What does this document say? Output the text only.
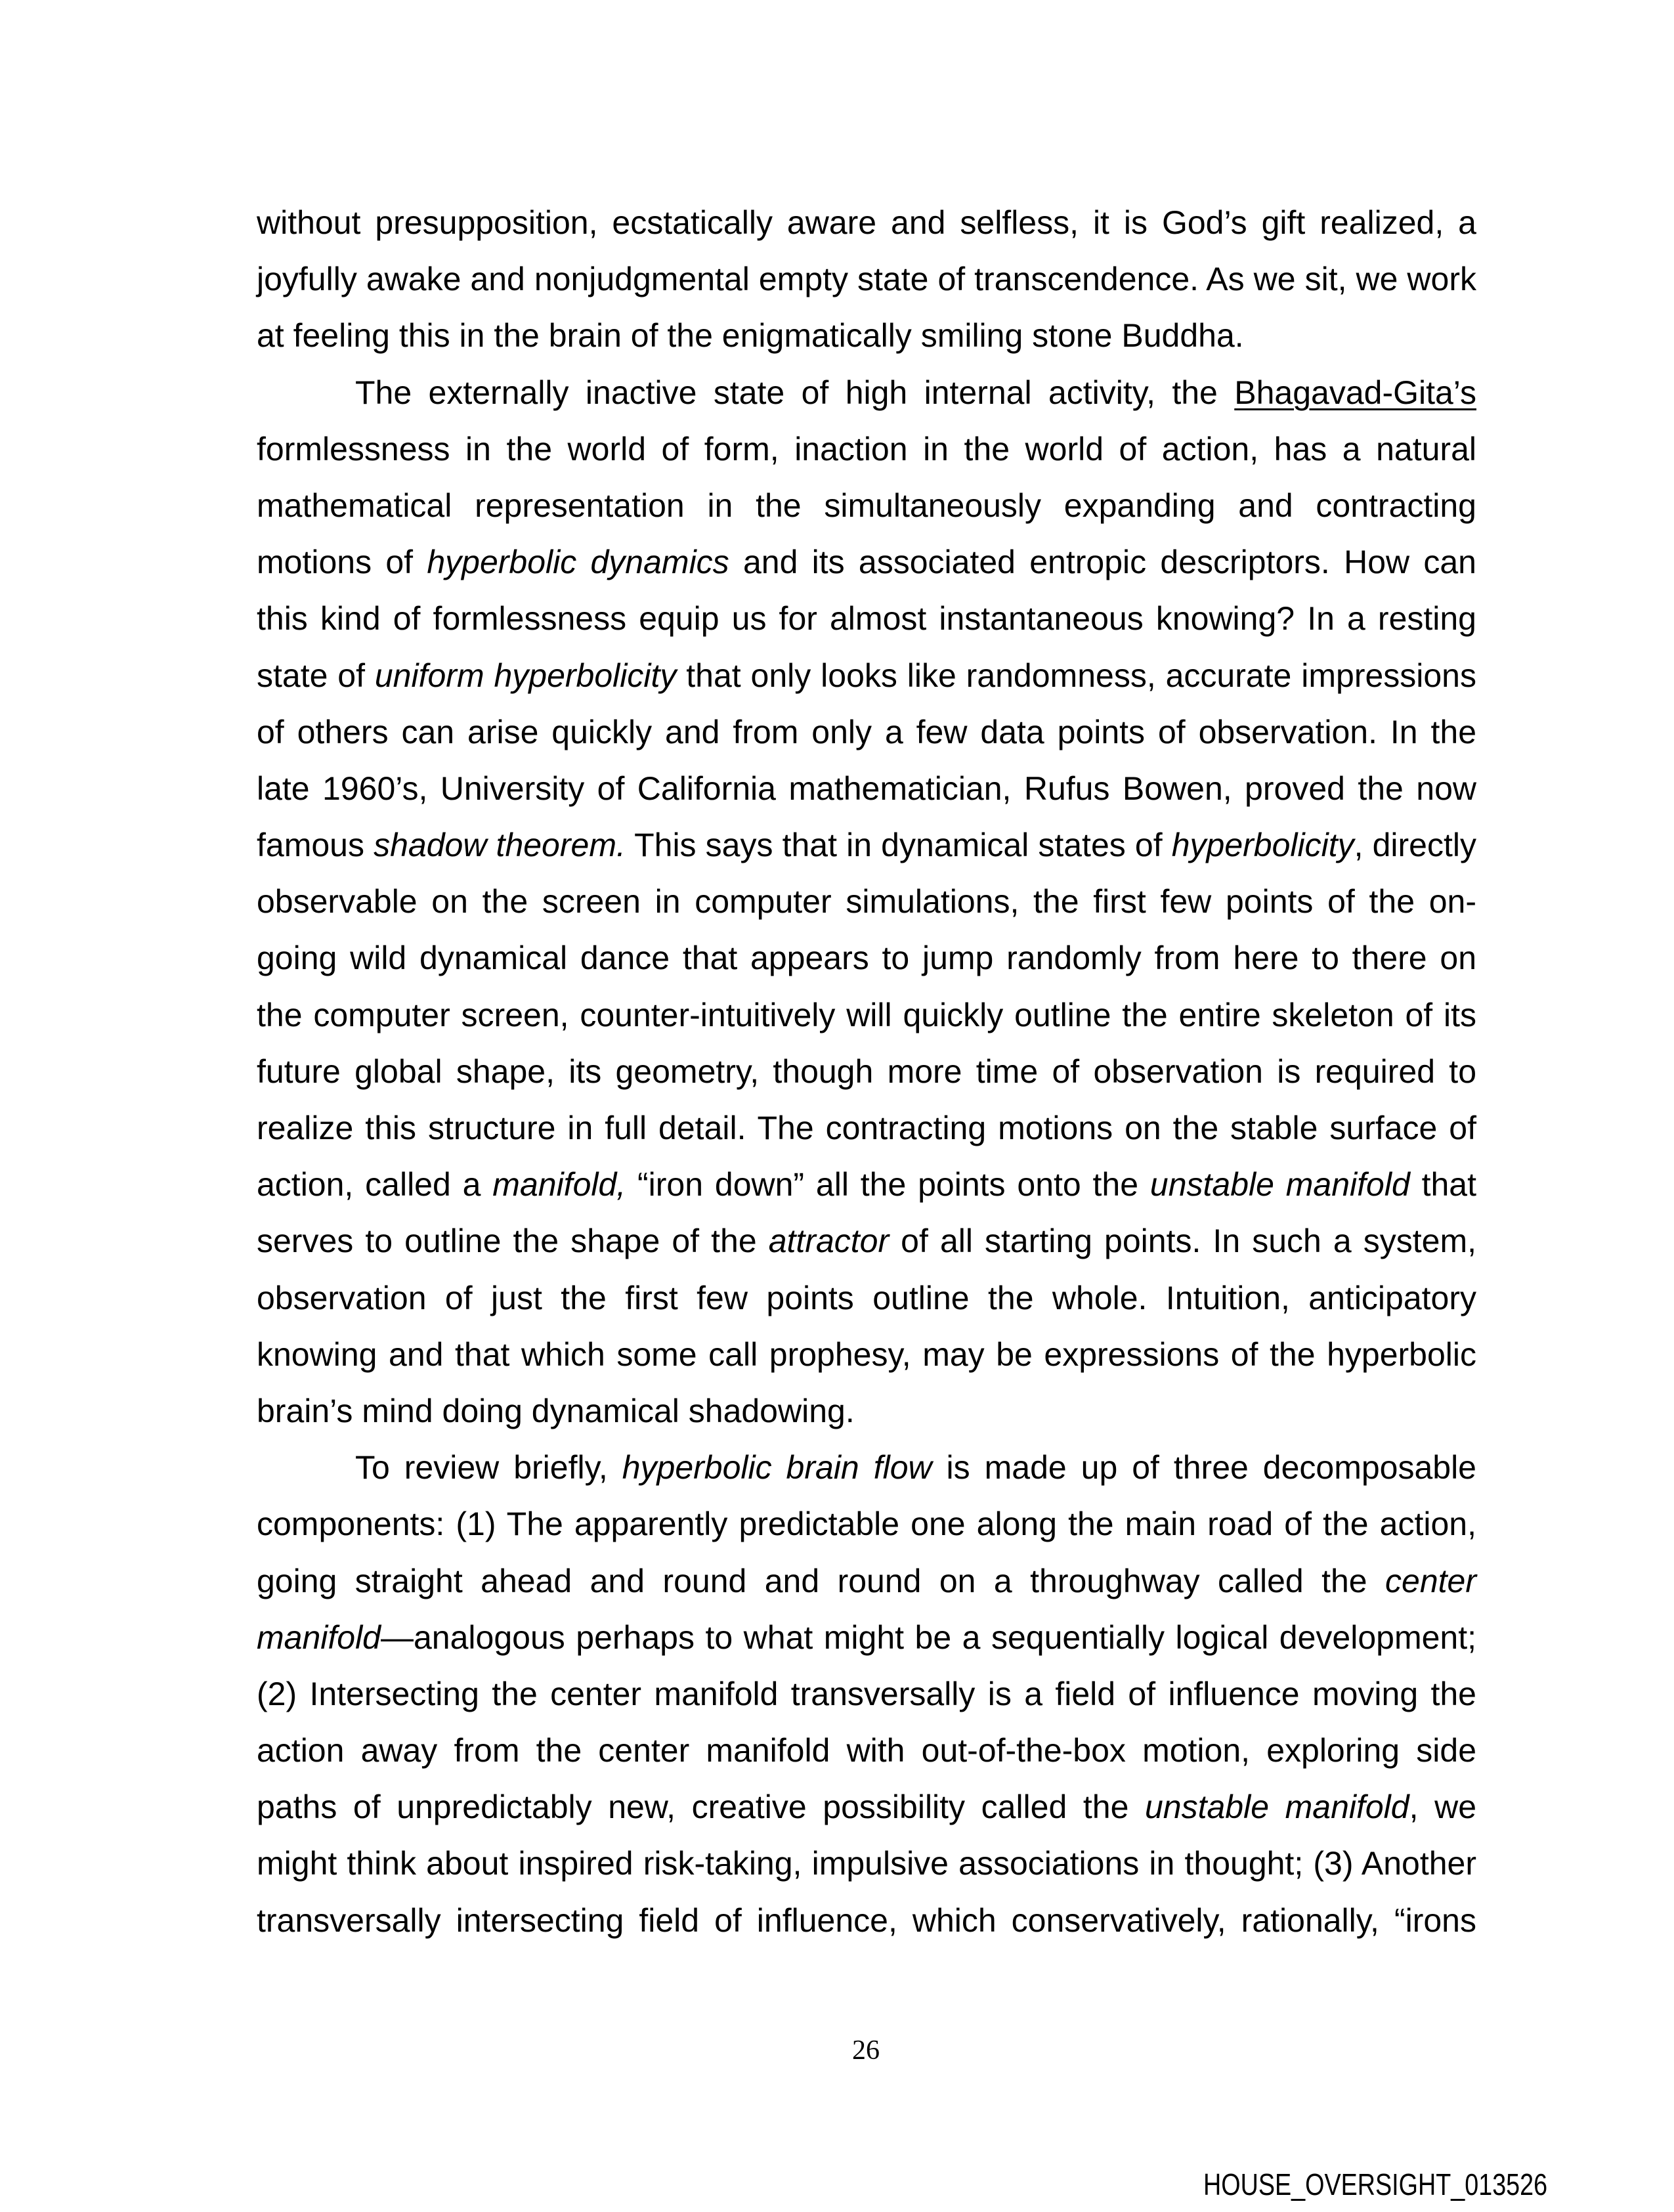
without presupposition, ecstatically aware and selfless, it is God’s gift realized, a
joyfully awake and nonjudgmental empty state of transcendence. As we sit, we work
at feeling this in the brain of the enigmatically smiling stone Buddha.
The externally inactive state of high internal activity, the Bhagavad-Gita’s
formlessness in the world of form, inaction in the world of action, has a natural
mathematical representation in the simultaneously expanding and contracting
motions of hyperbolic dynamics and its associated entropic descriptors. How can
this kind of formlessness equip us for almost instantaneous knowing? In a resting
state of uniform hyperbolicity that only looks like randomness, accurate impressions
of others can arise quickly and from only a few data points of observation. In the
late 1960’s, University of California mathematician, Rufus Bowen, proved the now
famous shadow theorem. This says that in dynamical states of hyperbolicity, directly
observable on the screen in computer simulations, the first few points of the on-
going wild dynamical dance that appears to jump randomly from here to there on
the computer screen, counter-intuitively will quickly outline the entire skeleton of its
future global shape, its geometry, though more time of observation is required to
realize this structure in full detail. The contracting motions on the stable surface of
action, called a manifold, “iron down” all the points onto the unstable manifold that
serves to outline the shape of the attractor of all starting points. In such a system,
observation of just the first few points outline the whole. Intuition, anticipatory
knowing and that which some call prophesy, may be expressions of the hyperbolic
brain’s mind doing dynamical shadowing.
To review briefly, hyperbolic brain flow is made up of three decomposable
components: (1) The apparently predictable one along the main road of the action,
going straight ahead and round and round on a throughway called the center
manifold—analogous perhaps to what might be a sequentially logical development;
(2) Intersecting the center manifold transversally is a field of influence moving the
action away from the center manifold with out-of-the-box motion, exploring side
paths of unpredictably new, creative possibility called the unstable manifold, we
might think about inspired risk-taking, impulsive associations in thought; (3) Another
transversally intersecting field of influence, which conservatively, rationally, “irons
26
HOUSE_OVERSIGHT_013526
